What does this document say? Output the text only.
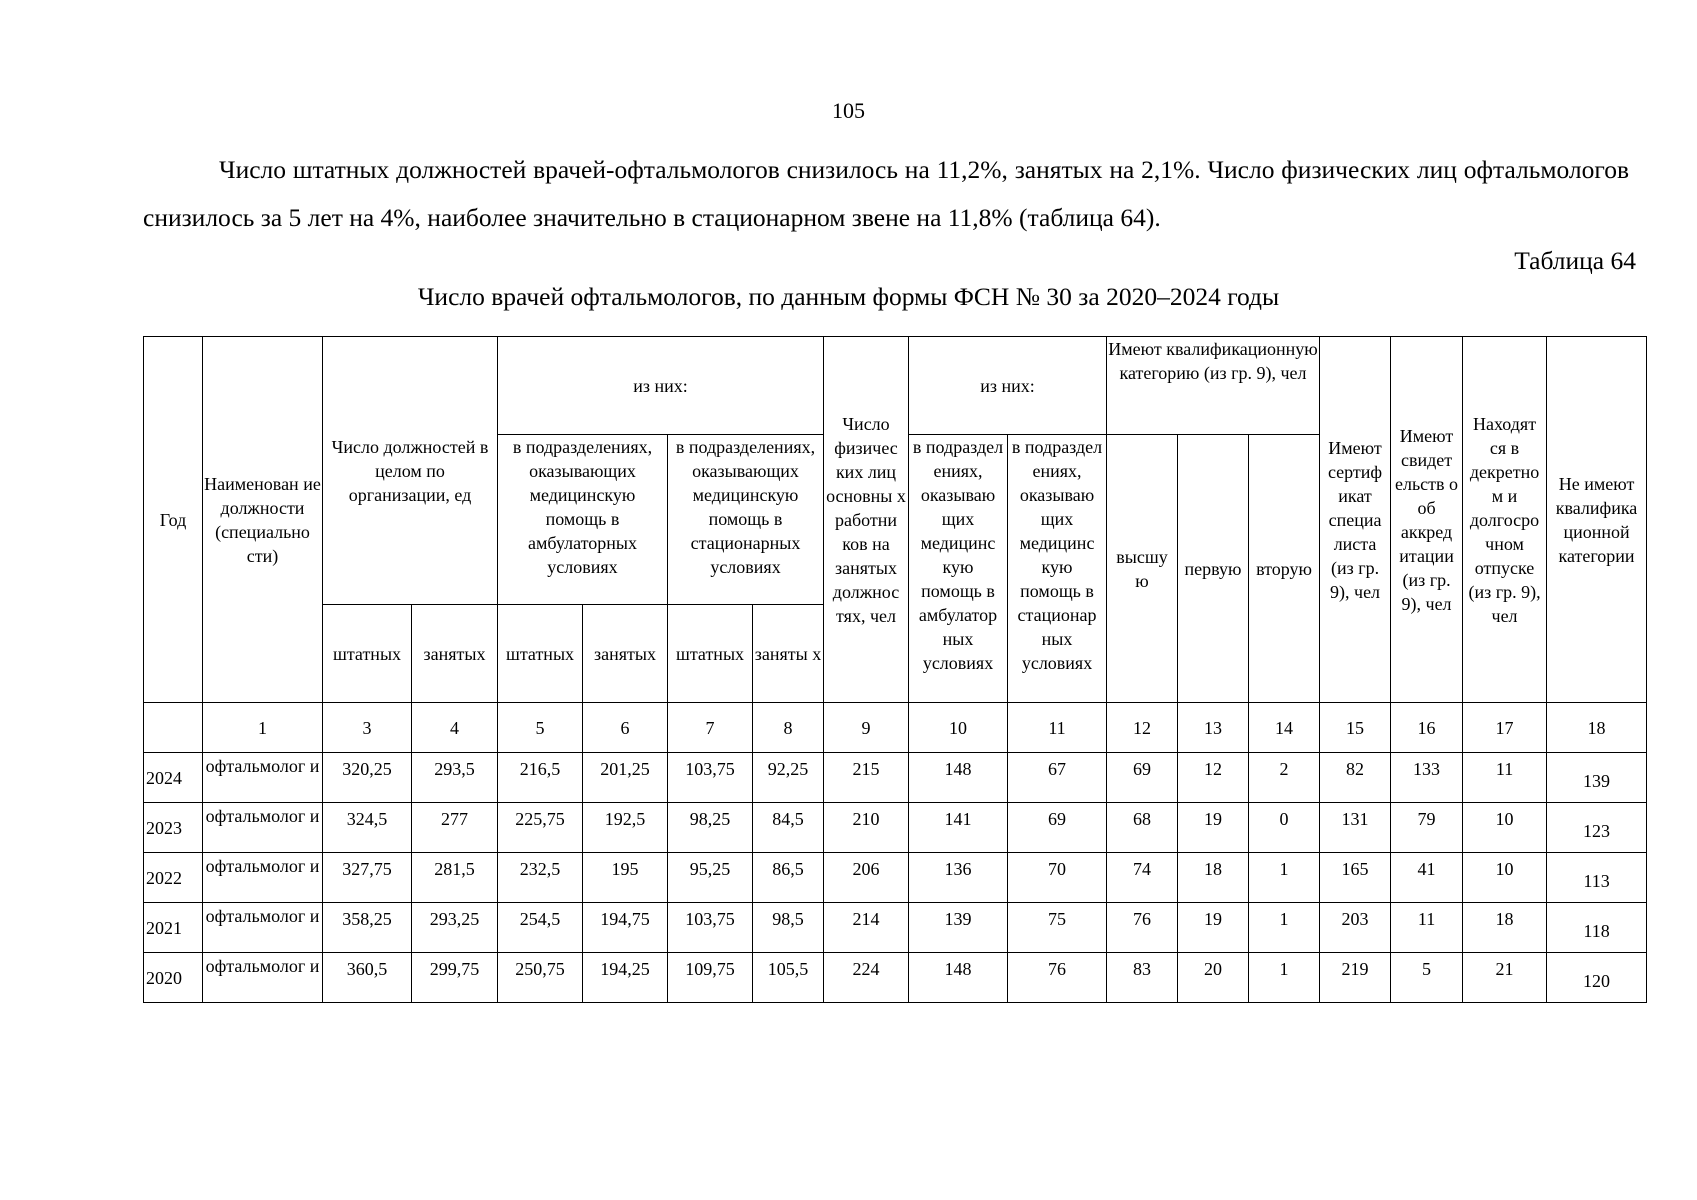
105

Число штатных должностей врачей-офтальмологов снизилось на 11,2%, занятых на 2,1%. Число физических лиц офтальмологов снизилось за 5 лет на 4%, наиболее значительно в стационарном звене на 11,8% (таблица 64).

Таблица 64
Число врачей офтальмологов, по данным формы ФСН № 30 за 2020–2024 годы
Год	Наименован ие должности (специально сти)	Число должностей в целом по организации, ед		из них:				Число физичес ких лиц основны х работни ков на занятых должнос тях, чел	из них:		Имеют квалификационную категорию (из гр. 9), чел			Имеют сертиф икат специа листа (из гр. 9), чел	Имеют свидет ельств о об аккред итации (из гр. 9), чел	Находят ся в декретно м и долгосро чном отпуске (из гр. 9), чел	Не имеют квалифика ционной категории
				в подразделениях, оказывающих медицинскую помощь в амбулаторных условиях		в подразделениях, оказывающих медицинскую помощь в стационарных условиях			в подраздел ениях, оказываю щих медицинс кую помощь в амбулатор ных условиях	в подраздел ениях, оказываю щих медицинс кую помощь в стационар ных условиях	высшу ю	первую	вторую				
		штатных	занятых	штатных	занятых	штатных	заняты х										
	1	3	4	5	6	7	8	9	10	11	12	13	14	15	16	17	18
2024	офтальмолог и	320,25	293,5	216,5	201,25	103,75	92,25	215	148	67	69	12	2	82	133	11	139
2023	офтальмолог и	324,5	277	225,75	192,5	98,25	84,5	210	141	69	68	19	0	131	79	10	123
2022	офтальмолог и	327,75	281,5	232,5	195	95,25	86,5	206	136	70	74	18	1	165	41	10	113
2021	офтальмолог и	358,25	293,25	254,5	194,75	103,75	98,5	214	139	75	76	19	1	203	11	18	118
2020	офтальмолог и	360,5	299,75	250,75	194,25	109,75	105,5	224	148	76	83	20	1	219	5	21	120
